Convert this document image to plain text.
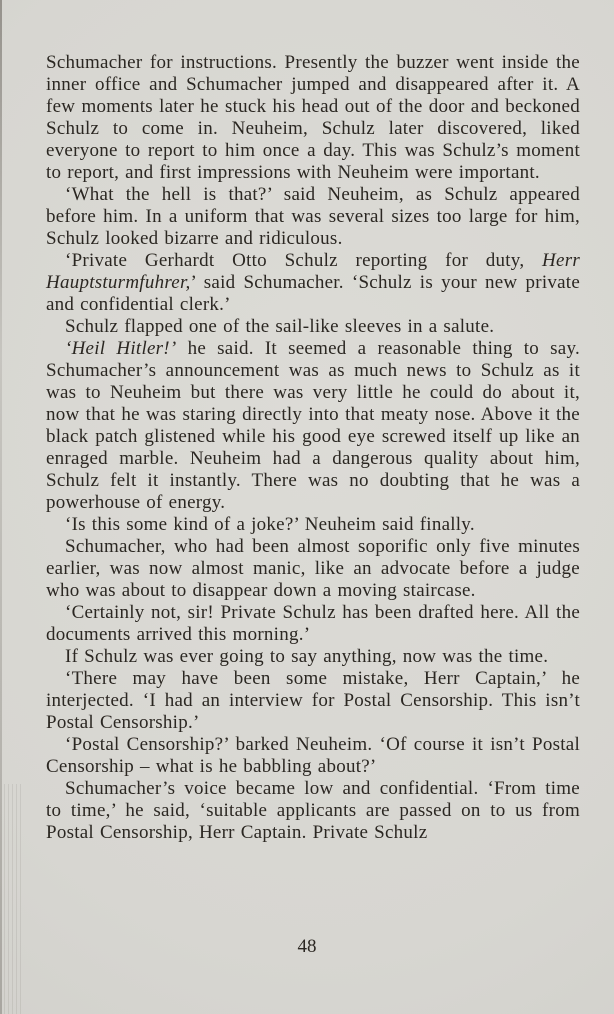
Schumacher for instructions. Presently the buzzer went inside the inner office and Schumacher jumped and disappeared after it. A few moments later he stuck his head out of the door and beckoned Schulz to come in. Neuheim, Schulz later discovered, liked everyone to report to him once a day. This was Schulz’s moment to report, and first impressions with Neuheim were important.

‘What the hell is that?’ said Neuheim, as Schulz appeared before him. In a uniform that was several sizes too large for him, Schulz looked bizarre and ridiculous.

‘Private Gerhardt Otto Schulz reporting for duty, Herr Hauptsturmfuhrer,’ said Schumacher. ‘Schulz is your new private and confidential clerk.’

Schulz flapped one of the sail-like sleeves in a salute.

‘Heil Hitler!’ he said. It seemed a reasonable thing to say. Schumacher’s announcement was as much news to Schulz as it was to Neuheim but there was very little he could do about it, now that he was staring directly into that meaty nose. Above it the black patch glistened while his good eye screwed itself up like an enraged marble. Neuheim had a dangerous quality about him, Schulz felt it instantly. There was no doubting that he was a powerhouse of energy.

‘Is this some kind of a joke?’ Neuheim said finally.

Schumacher, who had been almost soporific only five minutes earlier, was now almost manic, like an advocate before a judge who was about to disappear down a moving staircase.

‘Certainly not, sir! Private Schulz has been drafted here. All the documents arrived this morning.’

If Schulz was ever going to say anything, now was the time.

‘There may have been some mistake, Herr Captain,’ he interjected. ‘I had an interview for Postal Censorship. This isn’t Postal Censorship.’

‘Postal Censorship?’ barked Neuheim. ‘Of course it isn’t Postal Censorship – what is he babbling about?’

Schumacher’s voice became low and confidential. ‘From time to time,’ he said, ‘suitable applicants are passed on to us from Postal Censorship, Herr Captain. Private Schulz

48
